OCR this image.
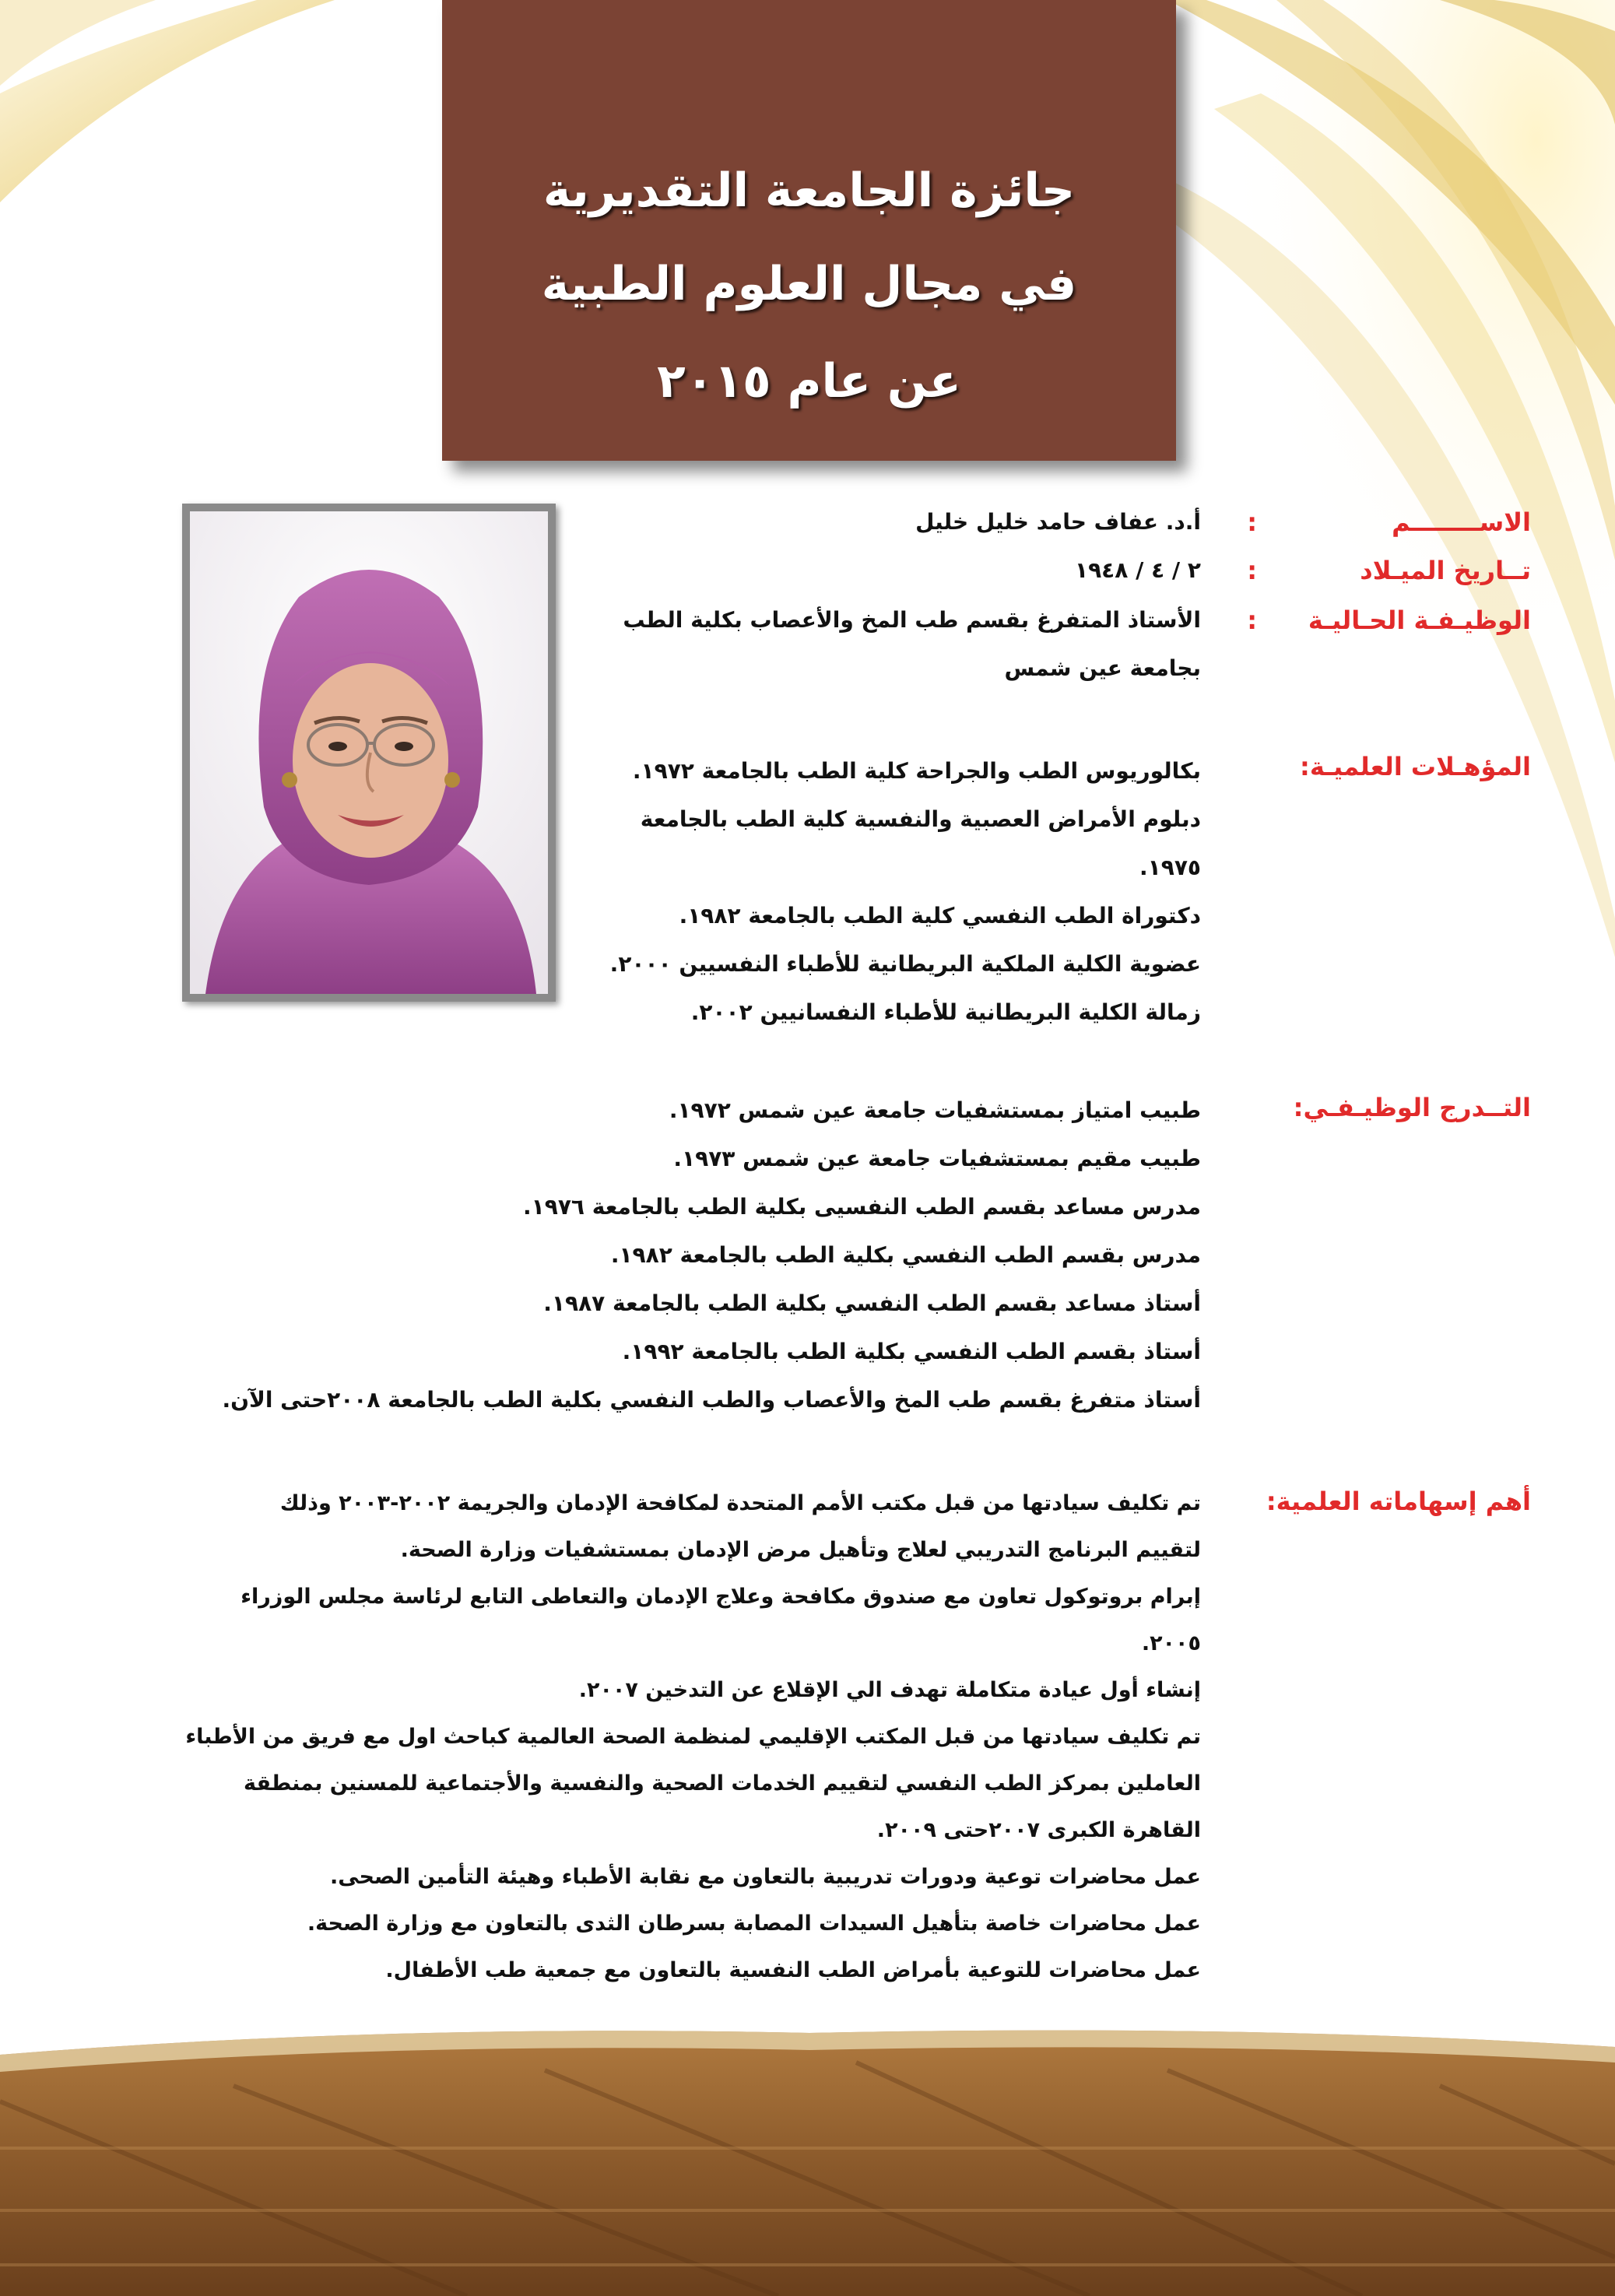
جائزة الجامعة التقديرية
في مجال العلوم الطبية
عن عام ٢٠١٥
الاســــــــم
:
أ.د. عفاف حامد خليل خليل
تــاريخ الميـلاد
:
٢ / ٤ / ١٩٤٨
الوظيـفـة الحـاليـة
:
الأستاذ المتفرغ بقسم طب المخ والأعصاب بكلية الطب
بجامعة عين شمس
المؤهـلات العلميـة:
بكالوريوس الطب والجراحة كلية الطب بالجامعة ١٩٧٢.
دبلوم الأمراض العصبية والنفسية كلية الطب بالجامعة
١٩٧٥.
دكتوراة الطب النفسي كلية الطب بالجامعة ١٩٨٢.
عضوية الكلية الملكية البريطانية للأطباء النفسيين ٢٠٠٠.
زمالة الكلية البريطانية للأطباء النفسانيين ٢٠٠٢.
التــدرج الوظيـفـي:
طبيب امتياز بمستشفيات جامعة عين شمس ١٩٧٢.
طبيب مقيم بمستشفيات جامعة عين شمس ١٩٧٣.
مدرس مساعد بقسم الطب النفسيى بكلية الطب بالجامعة ١٩٧٦.
مدرس بقسم الطب النفسي بكلية الطب بالجامعة ١٩٨٢.
أستاذ مساعد بقسم الطب النفسي بكلية الطب بالجامعة ١٩٨٧.
أستاذ بقسم الطب النفسي بكلية الطب بالجامعة ١٩٩٢.
أستاذ متفرغ بقسم طب المخ والأعصاب والطب النفسي بكلية الطب بالجامعة ٢٠٠٨حتى الآن.
أهم إسهاماته العلمية:
تم تكليف سيادتها من قبل مكتب الأمم المتحدة لمكافحة الإدمان والجريمة ٢٠٠٢-٢٠٠٣ وذلك
لتقييم البرنامج التدريبي لعلاج وتأهيل مرض الإدمان بمستشفيات وزارة الصحة.
إبرام بروتوكول تعاون مع صندوق مكافحة وعلاج الإدمان والتعاطى التابع لرئاسة مجلس الوزراء
٢٠٠٥.
إنشاء أول عيادة متكاملة تهدف الي الإقلاع عن التدخين ٢٠٠٧.
تم تكليف سيادتها من قبل المكتب الإقليمي لمنظمة الصحة العالمية كباحث اول مع فريق من الأطباء
العاملين بمركز الطب النفسي لتقييم الخدمات الصحية والنفسية والأجتماعية للمسنين بمنطقة
القاهرة الكبرى ٢٠٠٧حتى ٢٠٠٩.
عمل محاضرات توعية ودورات تدريبية بالتعاون مع نقابة الأطباء وهيئة التأمين الصحى.
عمل محاضرات خاصة بتأهيل السيدات المصابة بسرطان الثدى بالتعاون مع وزارة الصحة.
عمل محاضرات للتوعية بأمراض الطب النفسية بالتعاون مع جمعية طب الأطفال.
